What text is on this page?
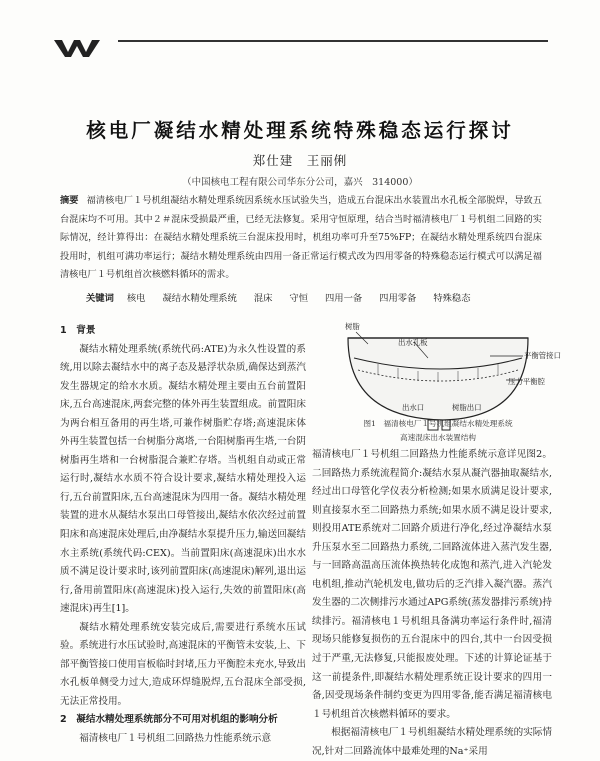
核电厂凝结水精处理系统特殊稳态运行探讨
郑仕建　王丽俐
（中国核电工程有限公司华东分公司，嘉兴　314000）
摘要 福清核电厂１号机组凝结水精处理系统因系统水压试验失当，造成五台混床出水装置出水孔板全部脱焊，导致五台混床均不可用。其中２＃混床受损最严重，已经无法修复。采用守恒原理，结合当时福清核电厂１号机组二回路的实际情况，经计算得出：在凝结水精处理系统三台混床投用时，机组功率可升至75%FP；在凝结水精处理系统四台混床投用时，机组可满功率运行；凝结水精处理系统由四用一备正常运行模式改为四用零备的特殊稳态运行模式可以满足福清核电厂１号机组首次核燃料循环的需求。
关键词 核电 凝结水精处理系统 混床 守恒 四用一备 四用零备 特殊稳态

1　背景

凝结水精处理系统(系统代码:ATE)为永久性设置的系统,用以除去凝结水中的离子态及悬浮状杂质,确保达到蒸汽发生器规定的给水水质。凝结水精处理主要由五台前置阳床,五台高速混床,两套完整的体外再生装置组成。前置阳床为两台相互备用的再生塔,可兼作树脂贮存塔;高速混床体外再生装置包括一台树脂分离塔,一台阳树脂再生塔,一台阴树脂再生塔和一台树脂混合兼贮存塔。当机组自动或正常运行时,凝结水水质不符合设计要求,凝结水精处理投入运行,五台前置阳床,五台高速混床为四用一备。凝结水精处理装置的进水从凝结水泵出口母管接出,凝结水依次经过前置阳床和高速混床处理后,由净凝结水泵提升压力,输送回凝结水主系统(系统代码:CEX)。当前置阳床(高速混床)出水水质不满足设计要求时,该列前置阳床(高速混床)解列,退出运行,备用前置阳床(高速混床)投入运行,失效的前置阳床(高速混床)再生[1]。

凝结水精处理系统安装完成后,需要进行系统水压试验。系统进行水压试验时,高速混床的平衡管未安装,上、下部平衡管接口使用盲板临时封堵,压力平衡腔未充水,导致出水孔板单侧受力过大,造成环焊缝脱焊,五台混床全部受损,无法正常投用。

2　凝结水精处理系统部分不可用对机组的影响分析

福清核电厂１号机组二回路热力性能系统示意

树脂
出水孔板
平衡管接口
压力平衡腔
出水口	树脂出口
图1　福清核电厂１号机组凝结水精处理系统
高速混床出水装置结构

福清核电厂１号机组二回路热力性能系统示意详见图2。二回路热力系统流程简介:凝结水泵从凝汽器抽取凝结水,经过出口母管化学仪表分析检测;如果水质满足设计要求,则直接泵水至二回路热力系统;如果水质不满足设计要求,则投用ATE系统对二回路介质进行净化,经过净凝结水泵升压泵水至二回路热力系统,二回路流体进入蒸汽发生器,与一回路高温高压流体换热转化成饱和蒸汽,进入汽轮发电机组,推动汽轮机发电,做功后的乏汽排入凝汽器。蒸汽发生器的二次侧排污水通过APG系统(蒸发器排污系统)持续排污。福清核电１号机组具备满功率运行条件时,福清现场只能修复损伤的五台混床中的四台,其中一台因受损过于严重,无法修复,只能报废处理。下述的计算论证基于这一前提条件,即凝结水精处理系统正设计要求的四用一备,因受现场条件制约变更为四用零备,能否满足福清核电１号机组首次核燃料循环的要求。

根据福清核电厂１号机组凝结水精处理系统的实际情况,针对二回路流体中最难处理的Na⁺采用
